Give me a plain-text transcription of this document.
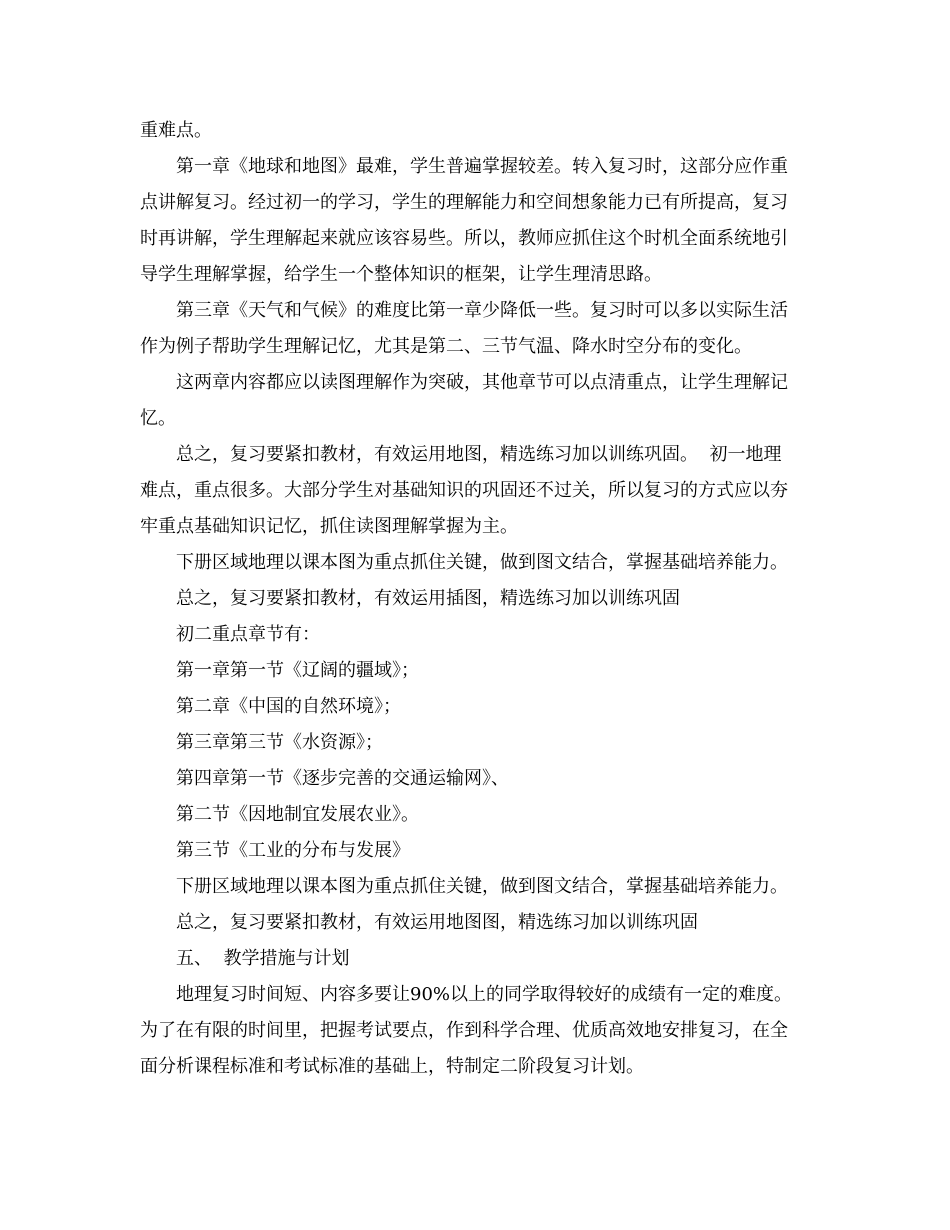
重难点。
第一章《地球和地图》最难，学生普遍掌握较差。转入复习时，这部分应作重
点讲解复习。经过初一的学习，学生的理解能力和空间想象能力已有所提高，复习
时再讲解，学生理解起来就应该容易些。所以，教师应抓住这个时机全面系统地引
导学生理解掌握，给学生一个整体知识的框架，让学生理清思路。
第三章《天气和气候》的难度比第一章少降低一些。复习时可以多以实际生活
作为例子帮助学生理解记忆，尤其是第二、三节气温、降水时空分布的变化。
这两章内容都应以读图理解作为突破，其他章节可以点清重点，让学生理解记
忆。
总之，复习要紧扣教材，有效运用地图，精选练习加以训练巩固。  初一地理
难点，重点很多。大部分学生对基础知识的巩固还不过关，所以复习的方式应以夯
牢重点基础知识记忆，抓住读图理解掌握为主。
下册区域地理以课本图为重点抓住关键，做到图文结合，掌握基础培养能力。
总之，复习要紧扣教材，有效运用插图，精选练习加以训练巩固
初二重点章节有：
第一章第一节《辽阔的疆域》；
第二章《中国的自然环境》；
第三章第三节《水资源》；
第四章第一节《逐步完善的交通运输网》、
第二节《因地制宜发展农业》。
第三节《工业的分布与发展》
下册区域地理以课本图为重点抓住关键，做到图文结合，掌握基础培养能力。
总之，复习要紧扣教材，有效运用地图图，精选练习加以训练巩固
五、  教学措施与计划
地理复习时间短、内容多要让90%以上的同学取得较好的成绩有一定的难度。
为了在有限的时间里，把握考试要点，作到科学合理、优质高效地安排复习，在全
面分析课程标准和考试标准的基础上，特制定二阶段复习计划。
